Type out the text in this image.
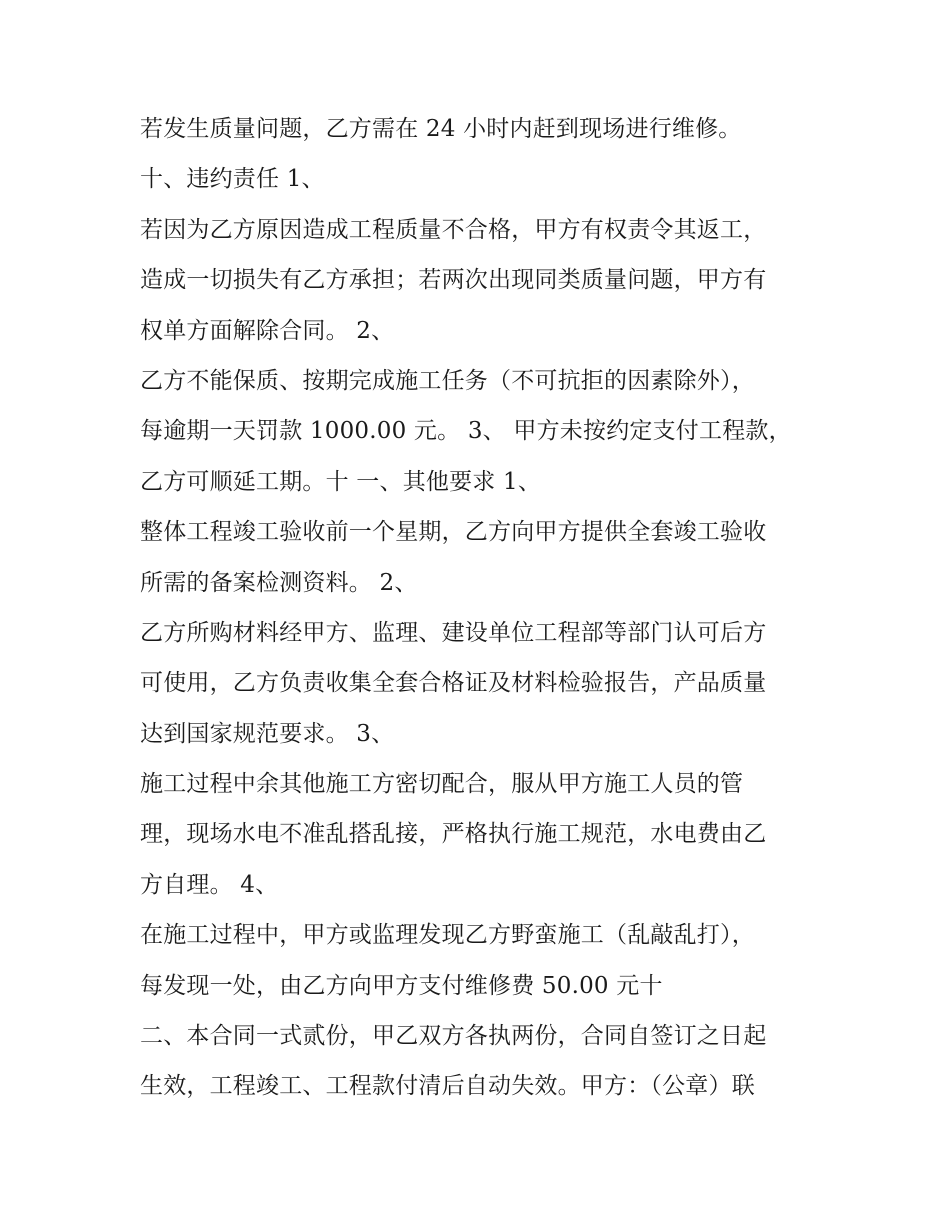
若发生质量问题，乙方需在 24 小时内赶到现场进行维修。
十、违约责任 1、
若因为乙方原因造成工程质量不合格，甲方有权责令其返工，
造成一切损失有乙方承担；若两次出现同类质量问题，甲方有
权单方面解除合同。 2、
乙方不能保质、按期完成施工任务（不可抗拒的因素除外），
每逾期一天罚款 1000.00 元。 3、 甲方未按约定支付工程款，
乙方可顺延工期。十 一、其他要求 1、
整体工程竣工验收前一个星期，乙方向甲方提供全套竣工验收
所需的备案检测资料。 2、
乙方所购材料经甲方、监理、建设单位工程部等部门认可后方
可使用，乙方负责收集全套合格证及材料检验报告，产品质量
达到国家规范要求。 3、
施工过程中余其他施工方密切配合，服从甲方施工人员的管
理，现场水电不准乱搭乱接，严格执行施工规范，水电费由乙
方自理。 4、
在施工过程中，甲方或监理发现乙方野蛮施工（乱敲乱打），
每发现一处，由乙方向甲方支付维修费 50.00 元十
二、本合同一式贰份，甲乙双方各执两份，合同自签订之日起
生效，工程竣工、工程款付清后自动失效。甲方：（公章）联
